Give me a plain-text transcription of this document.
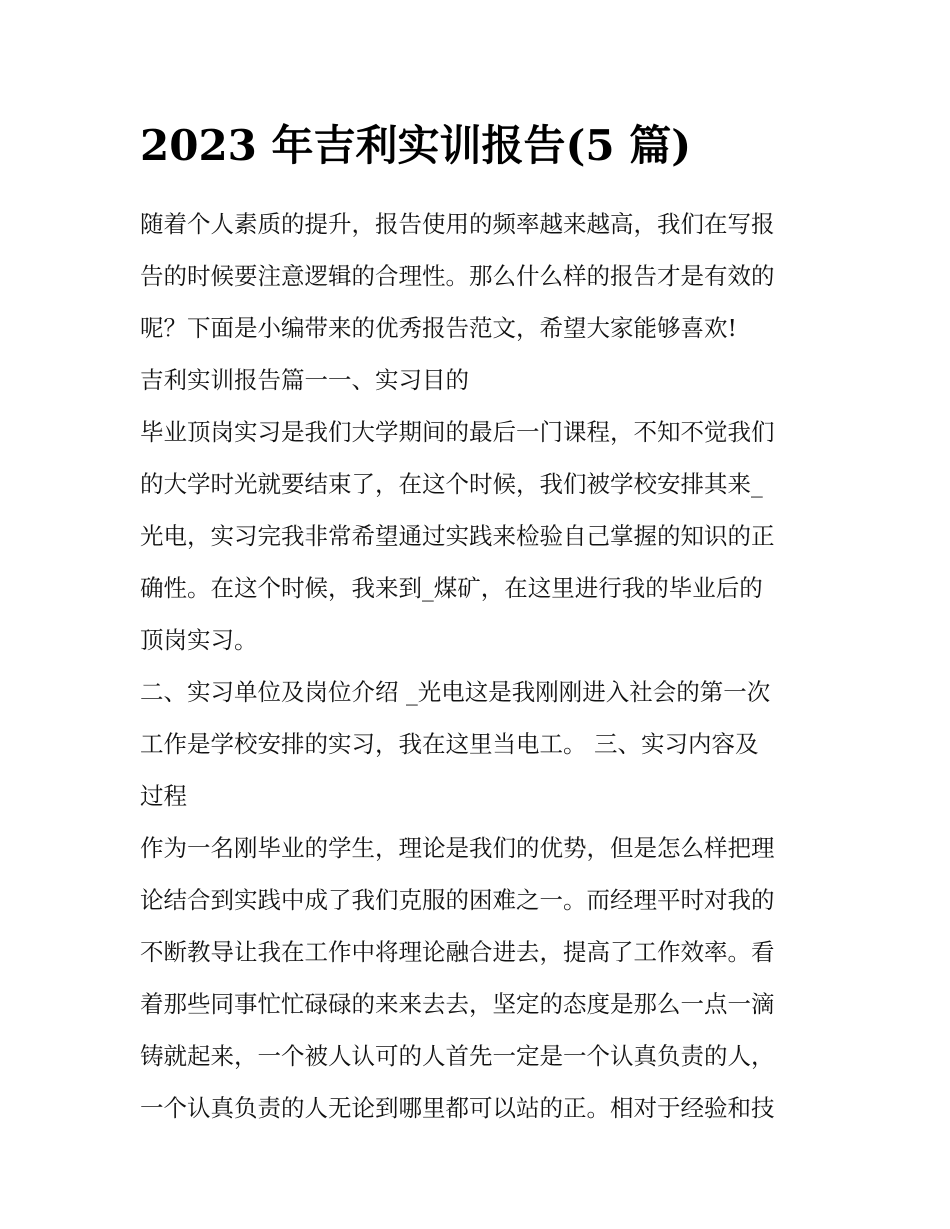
2023 年吉利实训报告(5 篇)
随着个人素质的提升，报告使用的频率越来越高，我们在写报
告的时候要注意逻辑的合理性。那么什么样的报告才是有效的
呢？下面是小编带来的优秀报告范文，希望大家能够喜欢!
吉利实训报告篇一一、实习目的
毕业顶岗实习是我们大学期间的最后一门课程，不知不觉我们
的大学时光就要结束了，在这个时候，我们被学校安排其来_
光电，实习完我非常希望通过实践来检验自己掌握的知识的正
确性。在这个时候，我来到_煤矿，在这里进行我的毕业后的
顶岗实习。
二、实习单位及岗位介绍 _光电这是我刚刚进入社会的第一次
工作是学校安排的实习，我在这里当电工。 三、实习内容及
过程
作为一名刚毕业的学生，理论是我们的优势，但是怎么样把理
论结合到实践中成了我们克服的困难之一。而经理平时对我的
不断教导让我在工作中将理论融合进去，提高了工作效率。看
着那些同事忙忙碌碌的来来去去，坚定的态度是那么一点一滴
铸就起来，一个被人认可的人首先一定是一个认真负责的人，
一个认真负责的人无论到哪里都可以站的正。相对于经验和技
